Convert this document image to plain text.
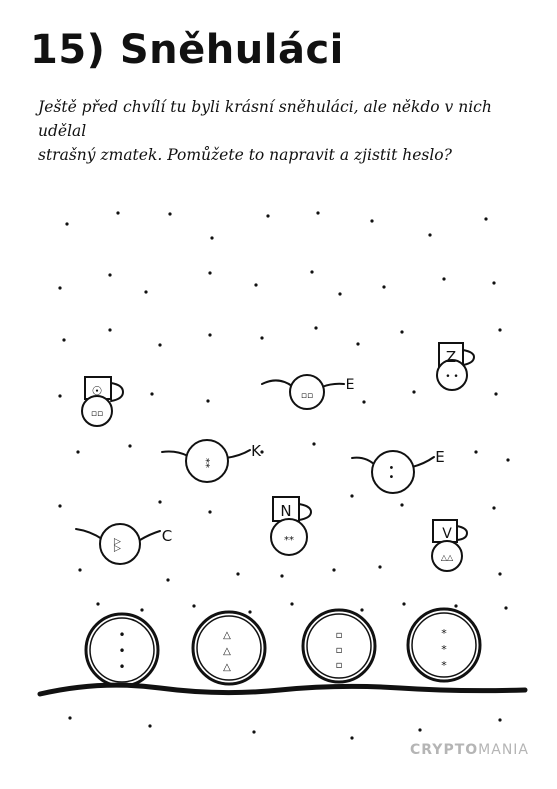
15) Sněhuláci
Ještě před chvílí tu byli krásní sněhuláci, ale někdo v nich udělal
strašný zmatek. Pomůžete to napravit a zjistit heslo?
☉
▫▫
▫▫
E
Z
• •
**
K
• •
E
N
**
△△	C	V
△△
•
•
•
△
△
△
▫
▫
▫
*
*
*
CRYPTOMANIA
